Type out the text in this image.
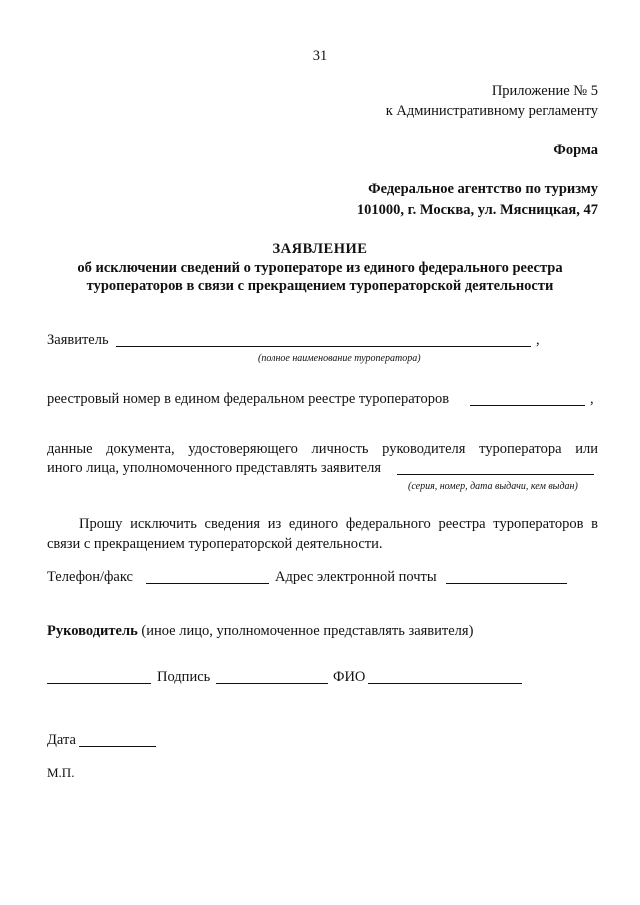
31
Приложение № 5
к Административному регламенту
Форма
Федеральное агентство по туризму
101000, г. Москва, ул. Мясницкая, 47
ЗАЯВЛЕНИЕ
об исключении сведений о туроператоре из единого федерального реестра
туроператоров в связи с прекращением туроператорской деятельности
Заявитель	,
(полное наименование туроператора)
реестровый номер в едином федеральном реестре туроператоров	,
данные документа, удостоверяющего личность руководителя туроператора или
иного лица, уполномоченного представлять заявителя
(серия, номер, дата выдачи, кем выдан)
Прошу исключить сведения из единого федерального реестра туроператоров в
связи с прекращением туроператорской деятельности.
Телефон/факс	Адрес электронной почты
Руководитель (иное лицо, уполномоченное представлять заявителя)
Подпись	ФИО
Дата
М.П.
